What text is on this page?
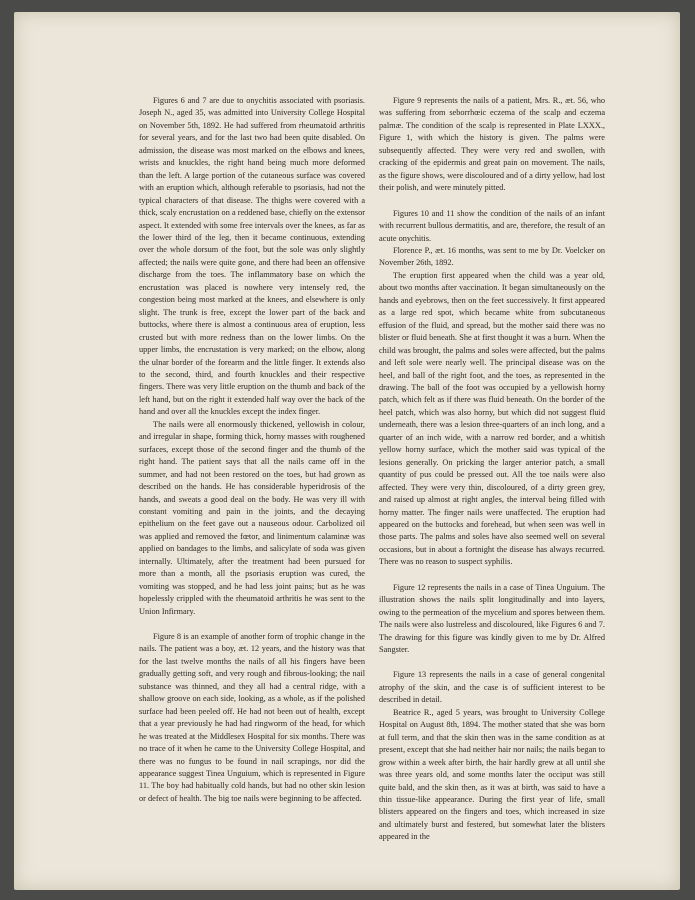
Figures 6 and 7 are due to onychitis associated with psoriasis. Joseph N., aged 35, was admitted into University College Hospital on November 5th, 1892. He had suffered from rheumatoid arthritis for several years, and for the last two had been quite disabled. On admission, the disease was most marked on the elbows and knees, wrists and knuckles, the right hand being much more deformed than the left. A large portion of the cutaneous surface was covered with an eruption which, although referable to psoriasis, had not the typical characters of that disease. The thighs were covered with a thick, scaly encrustation on a reddened base, chiefly on the extensor aspect. It extended with some free intervals over the knees, as far as the lower third of the leg, then it became continuous, extending over the whole dorsum of the foot, but the sole was only slightly affected; the nails were quite gone, and there had been an offensive discharge from the toes. The inflammatory base on which the encrustation was placed is nowhere very intensely red, the congestion being most marked at the knees, and elsewhere is only slight. The trunk is free, except the lower part of the back and buttocks, where there is almost a continuous area of eruption, less crusted but with more redness than on the lower limbs. On the upper limbs, the encrustation is very marked; on the elbow, along the ulnar border of the forearm and the little finger. It extends also to the second, third, and fourth knuckles and their respective fingers. There was very little eruption on the thumb and back of the left hand, but on the right it extended half way over the back of the hand and over all the knuckles except the index finger.

The nails were all enormously thickened, yellowish in colour, and irregular in shape, forming thick, horny masses with roughened surfaces, except those of the second finger and the thumb of the right hand. The patient says that all the nails came off in the summer, and had not been restored on the toes, but had grown as described on the hands. He has considerable hyperidrosis of the hands, and sweats a good deal on the body. He was very ill with constant vomiting and pain in the joints, and the decaying epithelium on the feet gave out a nauseous odour. Carbolized oil was applied and removed the fœtor, and linimentum calaminæ was applied on bandages to the limbs, and salicylate of soda was given internally. Ultimately, after the treatment had been pursued for more than a month, all the psoriasis eruption was cured, the vomiting was stopped, and he had less joint pains; but as he was hopelessly crippled with the rheumatoid arthritis he was sent to the Union Infirmary.

Figure 8 is an example of another form of trophic change in the nails. The patient was a boy, æt. 12 years, and the history was that for the last twelve months the nails of all his fingers have been gradually getting soft, and very rough and fibrous-looking; the nail substance was thinned, and they all had a central ridge, with a shallow groove on each side, looking, as a whole, as if the polished surface had been peeled off. He had not been out of health, except that a year previously he had had ringworm of the head, for which he was treated at the Middlesex Hospital for six months. There was no trace of it when he came to the University College Hospital, and there was no fungus to be found in nail scrapings, nor did the appearance suggest Tinea Unguium, which is represented in Figure 11. The boy had habitually cold hands, but had no other skin lesion or defect of health. The big toe nails were beginning to be affected.

Figure 9 represents the nails of a patient, Mrs. R., æt. 56, who was suffering from seborrhœic eczema of the scalp and eczema palmæ. The condition of the scalp is represented in Plate LXXX., Figure 1, with which the history is given. The palms were subsequently affected. They were very red and swollen, with cracking of the epidermis and great pain on movement. The nails, as the figure shows, were discoloured and of a dirty yellow, had lost their polish, and were minutely pitted.

Figures 10 and 11 show the condition of the nails of an infant with recurrent bullous dermatitis, and are, therefore, the result of an acute onychitis.

Florence P., æt. 16 months, was sent to me by Dr. Voelcker on November 26th, 1892.

The eruption first appeared when the child was a year old, about two months after vaccination. It began simultaneously on the hands and eyebrows, then on the feet successively. It first appeared as a large red spot, which became white from subcutaneous effusion of the fluid, and spread, but the mother said there was no blister or fluid beneath. She at first thought it was a burn. When the child was brought, the palms and soles were affected, but the palms and left sole were nearly well. The principal disease was on the heel, and ball of the right foot, and the toes, as represented in the drawing. The ball of the foot was occupied by a yellowish horny patch, which felt as if there was fluid beneath. On the border of the heel patch, which was also horny, but which did not suggest fluid underneath, there was a lesion three-quarters of an inch long, and a quarter of an inch wide, with a narrow red border, and a whitish yellow horny surface, which the mother said was typical of the lesions generally. On pricking the larger anterior patch, a small quantity of pus could be pressed out. All the toe nails were also affected. They were very thin, discoloured, of a dirty green grey, and raised up almost at right angles, the interval being filled with horny matter. The finger nails were unaffected. The eruption had appeared on the buttocks and forehead, but when seen was well in those parts. The palms and soles have also seemed well on several occasions, but in about a fortnight the disease has always recurred. There was no reason to suspect syphilis.

Figure 12 represents the nails in a case of Tinea Unguium. The illustration shows the nails split longitudinally and into layers, owing to the permeation of the mycelium and spores between them. The nails were also lustreless and discoloured, like Figures 6 and 7. The drawing for this figure was kindly given to me by Dr. Alfred Sangster.

Figure 13 represents the nails in a case of general congenital atrophy of the skin, and the case is of sufficient interest to be described in detail.

Beatrice R., aged 5 years, was brought to University College Hospital on August 8th, 1894. The mother stated that she was born at full term, and that the skin then was in the same condition as at present, except that she had neither hair nor nails; the nails began to grow within a week after birth, the hair hardly grew at all until she was three years old, and some months later the occiput was still quite bald, and the skin then, as it was at birth, was said to have a thin tissue-like appearance. During the first year of life, small blisters appeared on the fingers and toes, which increased in size and ultimately burst and festered, but somewhat later the blisters appeared in the
